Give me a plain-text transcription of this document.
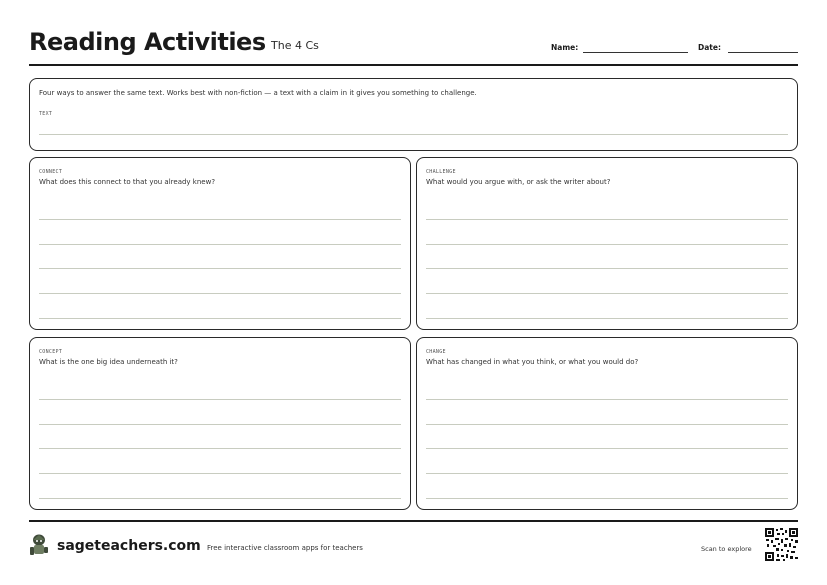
Reading Activities The 4 Cs	Name:	Date:
Four ways to answer the same text. Works best with non-fiction — a text with a claim in it gives you something to challenge.
TEXT
CONNECT
What does this connect to that you already knew?
CHALLENGE
What would you argue with, or ask the writer about?
CONCEPT
What is the one big idea underneath it?
CHANGE
What has changed in what you think, or what you would do?
sageteachers.com Free interactive classroom apps for teachers	Scan to explore
